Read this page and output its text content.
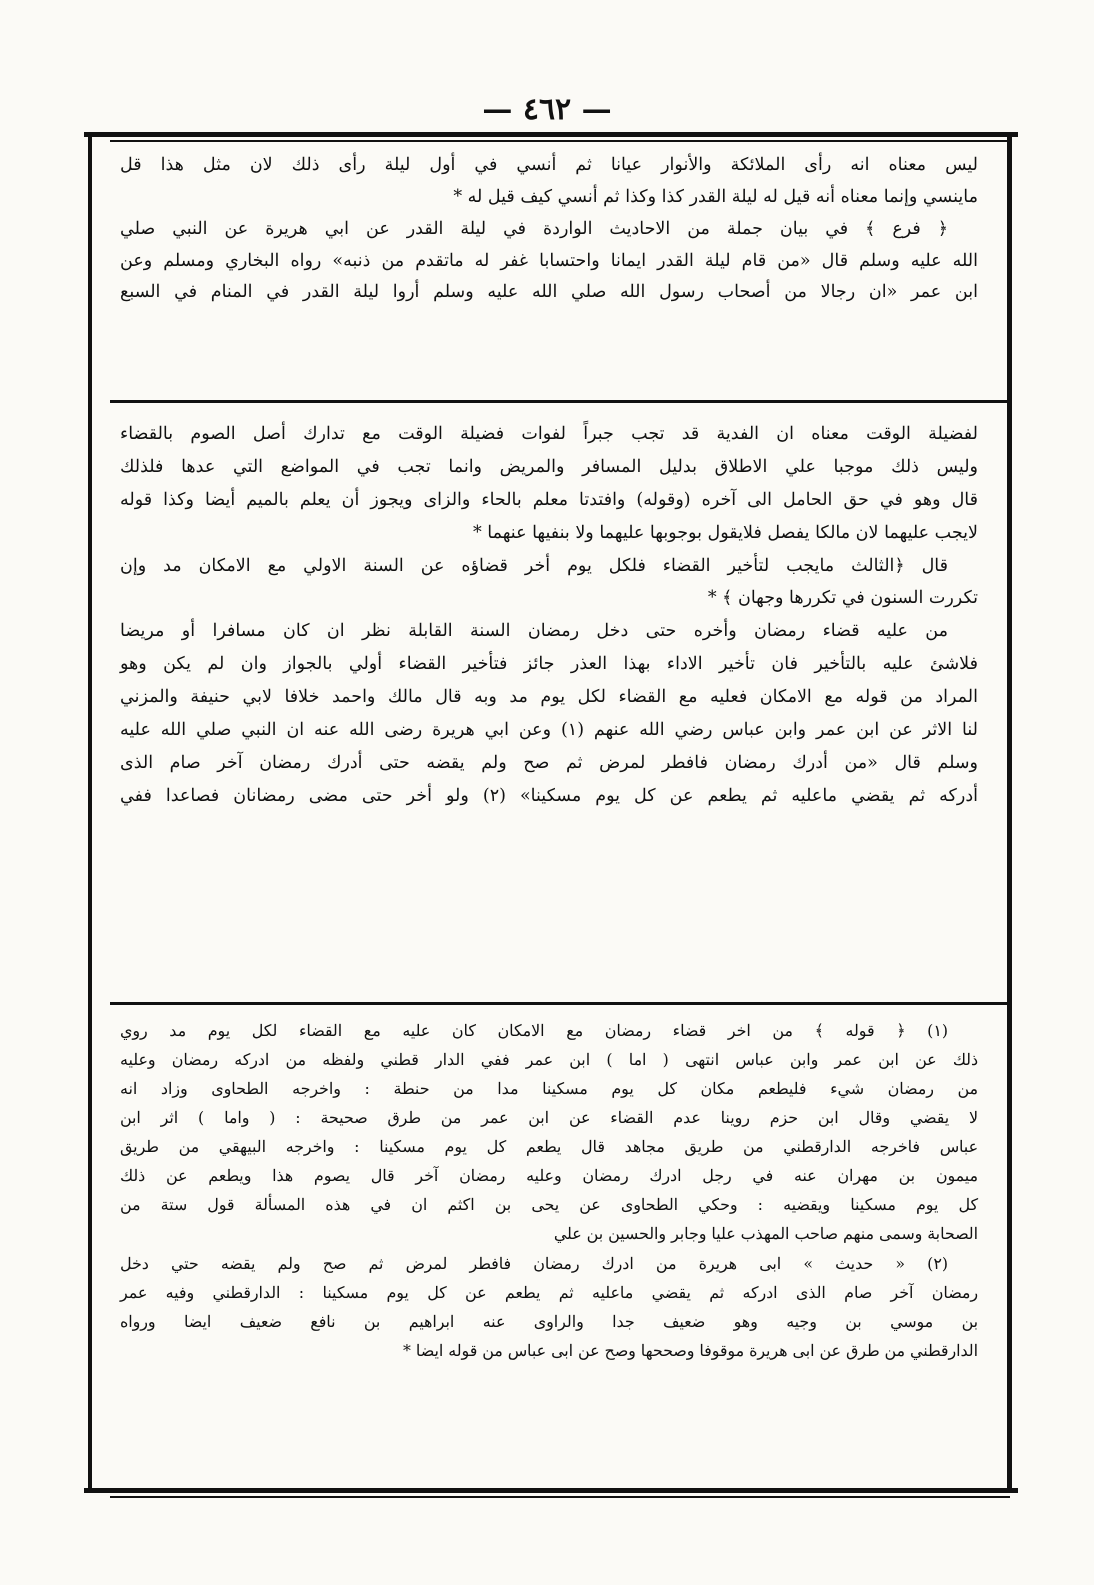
— ٤٦٢ —

ليس معناه انه رأى الملائكة والأنوار عيانا ثم أنسي في أول ليلة رأى ذلك لان مثل هذا قل

ماينسي وإنما معناه أنه قيل له ليلة القدر كذا وكذا ثم أنسي كيف قيل له *

﴿ فرع ﴾ في بيان جملة من الاحاديث الواردة في ليلة القدر عن ابي هريرة عن النبي صلي

الله عليه وسلم قال «من قام ليلة القدر ايمانا واحتسابا غفر له ماتقدم من ذنبه» رواه البخاري ومسلم وعن

ابن عمر «ان رجالا من أصحاب رسول الله صلي الله عليه وسلم أروا ليلة القدر في المنام في السبع

لفضيلة الوقت معناه ان الفدية قد تجب جبراً لفوات فضيلة الوقت مع تدارك أصل الصوم بالقضاء

وليس ذلك موجبا علي الاطلاق بدليل المسافر والمريض وانما تجب في المواضع التي عدها فلذلك

قال وهو في حق الحامل الى آخره (وقوله) وافتدتا معلم بالحاء والزاى ويجوز أن يعلم بالميم أيضا وكذا قوله

لايجب عليهما لان مالكا يفصل فلايقول بوجوبها عليهما ولا بنفيها عنهما *

قال ﴿الثالث مايجب لتأخير القضاء فلكل يوم أخر قضاؤه عن السنة الاولي مع الامكان مد وإن

تكررت السنون في تكررها وجهان ﴾ *

من عليه قضاء رمضان وأخره حتى دخل رمضان السنة القابلة نظر ان كان مسافرا أو مريضا

فلاشئ عليه بالتأخير فان تأخير الاداء بهذا العذر جائز فتأخير القضاء أولي بالجواز وان لم يكن وهو

المراد من قوله مع الامكان فعليه مع القضاء لكل يوم مد وبه قال مالك واحمد خلافا لابي حنيفة والمزني

لنا الاثر عن ابن عمر وابن عباس رضي الله عنهم (١) وعن ابي هريرة رضى الله عنه ان النبي صلي الله عليه

وسلم قال «من أدرك رمضان فافطر لمرض ثم صح ولم يقضه حتى أدرك رمضان آخر صام الذى

أدركه ثم يقضي ماعليه ثم يطعم عن كل يوم مسكينا» (٢) ولو أخر حتى مضى رمضانان فصاعدا ففي

(١) ﴿ قوله ﴾ من اخر قضاء رمضان مع الامكان كان عليه مع القضاء لكل يوم مد روي

ذلك عن ابن عمر وابن عباس انتهى ( اما ) ابن عمر ففي الدار قطني ولفظه من ادركه رمضان وعليه

من رمضان شيء فليطعم مكان كل يوم مسكينا مدا من حنطة : واخرجه الطحاوى وزاد انه

لا يقضي وقال ابن حزم روينا عدم القضاء عن ابن عمر من طرق صحيحة : ( واما ) اثر ابن

عباس فاخرجه الدارقطني من طريق مجاهد قال يطعم كل يوم مسكينا : واخرجه البيهقي من طريق

ميمون بن مهران عنه في رجل ادرك رمضان وعليه رمضان آخر قال يصوم هذا ويطعم عن ذلك

كل يوم مسكينا ويقضيه : وحكي الطحاوى عن يحى بن اكثم ان في هذه المسألة قول ستة من

الصحابة وسمى منهم صاحب المهذب عليا وجابر والحسين بن علي

(٢) « حديث » ابى هريرة من ادرك رمضان فافطر لمرض ثم صح ولم يقضه حتي دخل

رمضان آخر صام الذى ادركه ثم يقضي ماعليه ثم يطعم عن كل يوم مسكينا : الدارقطني وفيه عمر

بن موسي بن وجيه وهو ضعيف جدا والراوى عنه ابراهيم بن نافع ضعيف ايضا ورواه

الدارقطني من طرق عن ابى هريرة موقوفا وصححها وصح عن ابى عباس من قوله ايضا *
